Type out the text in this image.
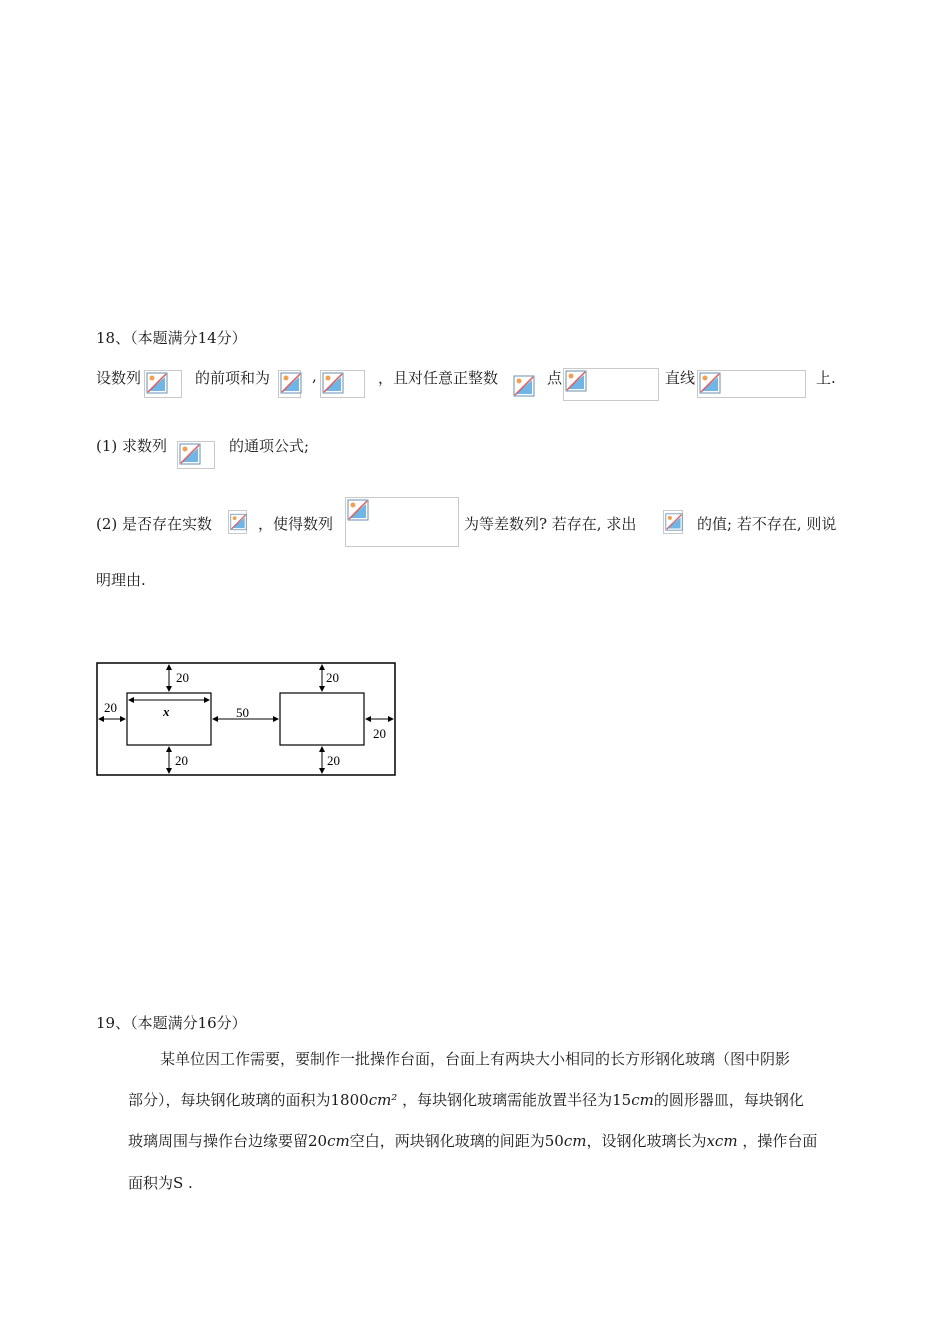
18、（本题满分14分）
设数列	的前项和为	,	，且对任意正整数	点	直线	上.
(1) 求数列	的通项公式;
(2) 是否存在实数	，使得数列	为等差数列? 若存在, 求出	的值; 若不存在, 则说
明理由.
20	20
20	x	50
20
20	20
19、（本题满分16分）
某单位因工作需要，要制作一批操作台面，台面上有两块大小相同的长方形钢化玻璃（图中阴影
部分），每块钢化玻璃的面积为1800cm² ，每块钢化玻璃需能放置半径为15cm的圆形器皿，每块钢化
玻璃周围与操作台边缘要留20cm空白，两块钢化玻璃的间距为50cm，设钢化玻璃长为xcm ，操作台面
面积为S .
